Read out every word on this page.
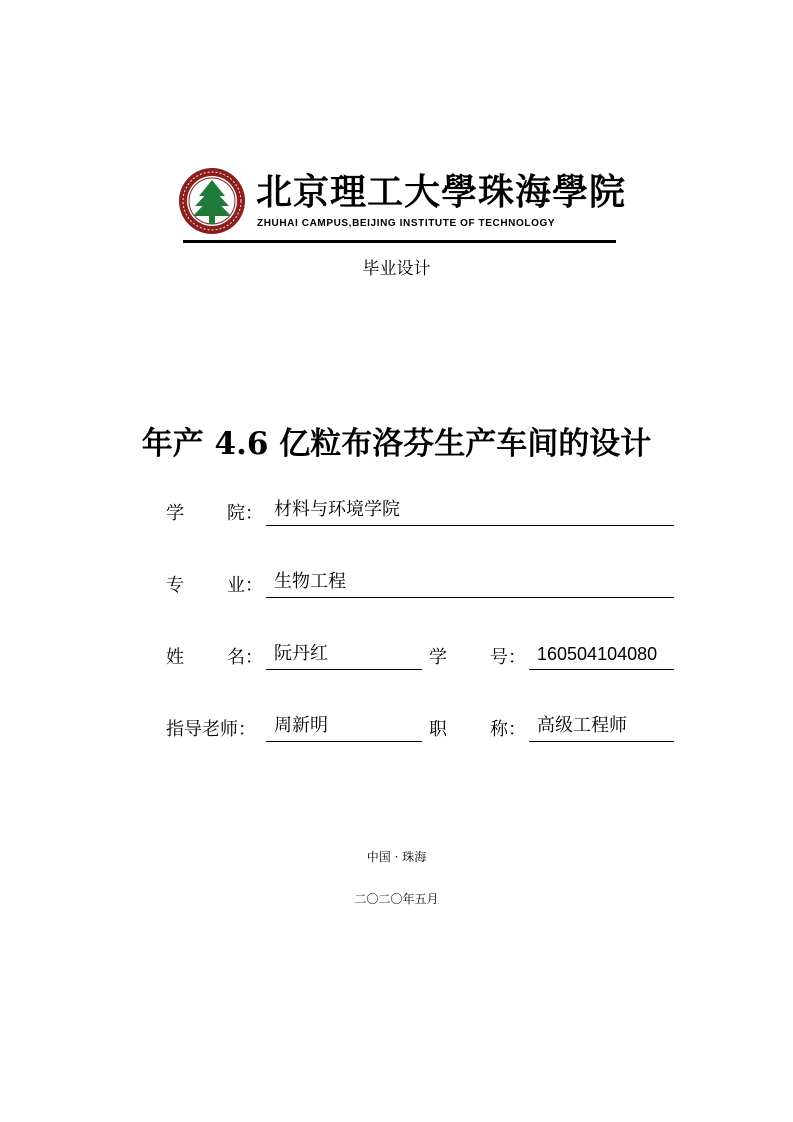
北京理工大學珠海學院
ZHUHAI CAMPUS,BEIJING INSTITUTE OF TECHNOLOGY
毕业设计
年产 4.6 亿粒布洛芬生产车间的设计
学 院： 材料与环境学院
专 业： 生物工程
姓 名： 阮丹红	学 号： 160504104080
指导老师：	周新明	职 称： 高级工程师
中国 · 珠海
二〇二〇年五月
